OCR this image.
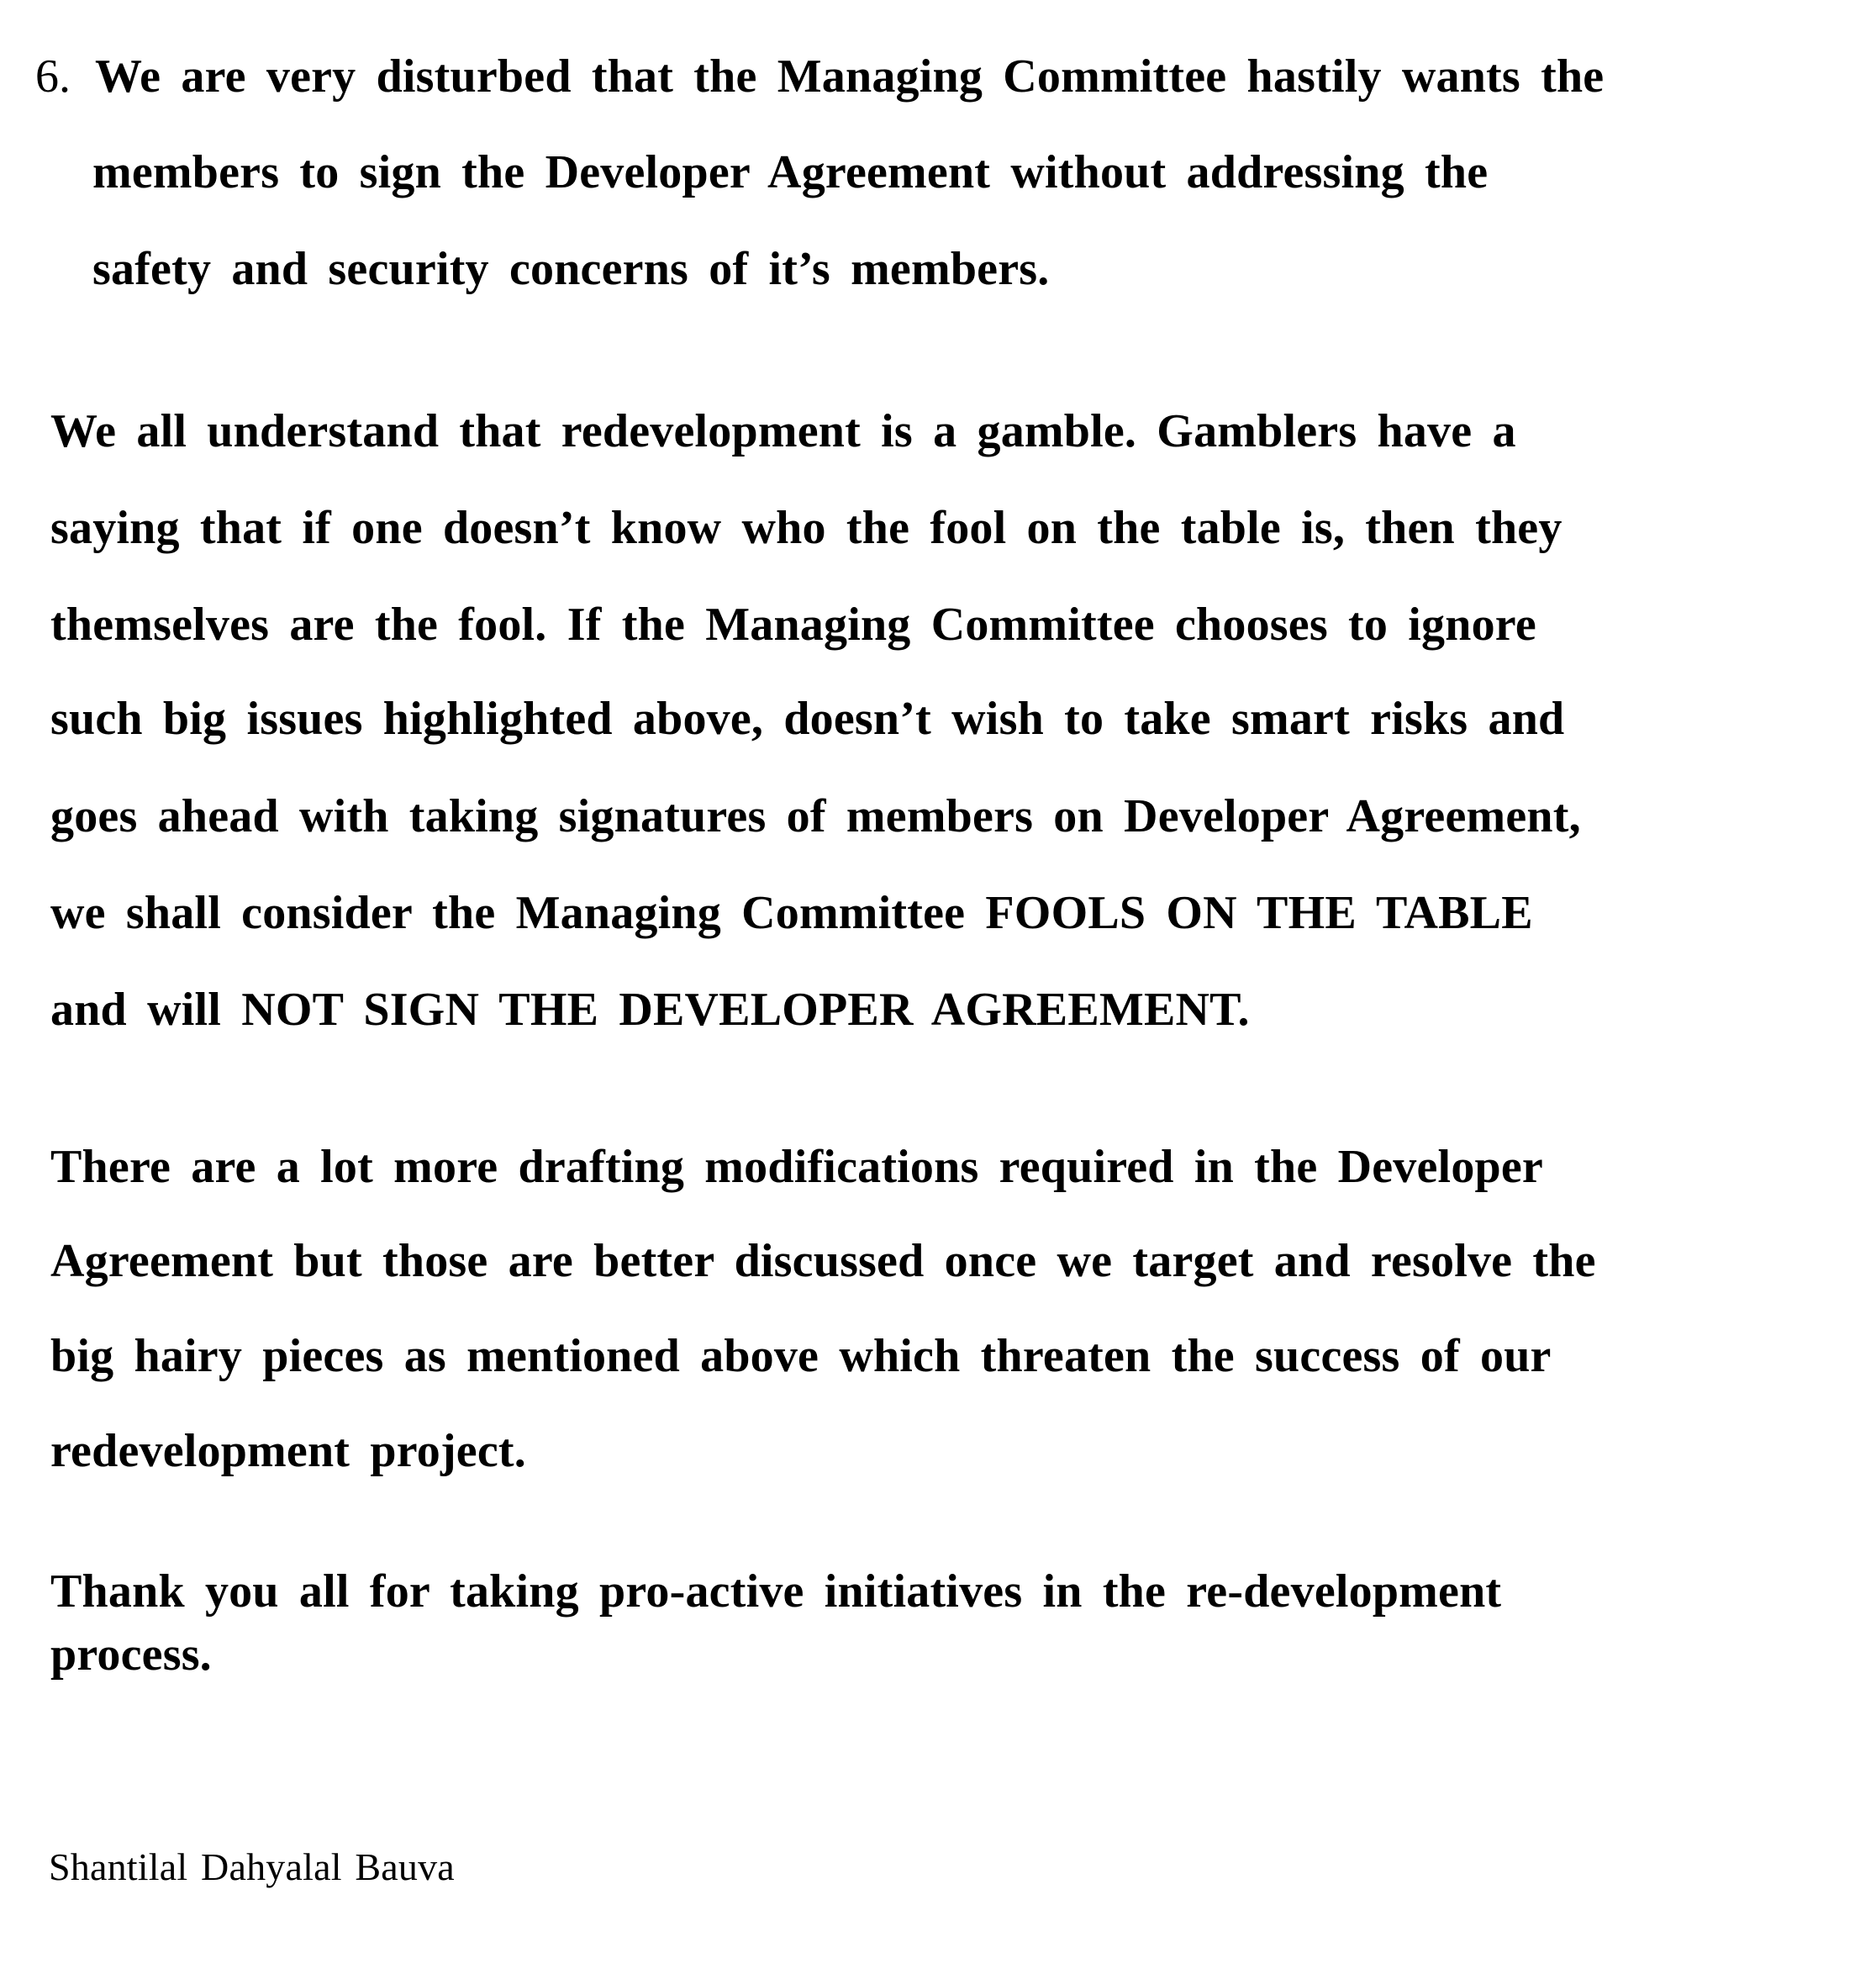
6. We are very disturbed that the Managing Committee hastily wants the
members to sign the Developer Agreement without addressing the
safety and security concerns of it’s members.
We all understand that redevelopment is a gamble. Gamblers have a
saying that if one doesn’t know who the fool on the table is, then they
themselves are the fool. If the Managing Committee chooses to ignore
such big issues highlighted above, doesn’t wish to take smart risks and
goes ahead with taking signatures of members on Developer Agreement,
we shall consider the Managing Committee FOOLS ON THE TABLE
and will NOT SIGN THE DEVELOPER AGREEMENT.
There are a lot more drafting modifications required in the Developer
Agreement but those are better discussed once we target and resolve the
big hairy pieces as mentioned above which threaten the success of our
redevelopment project.
Thank you all for taking pro-active initiatives in the re-development
process.
Shantilal Dahyalal Bauva
